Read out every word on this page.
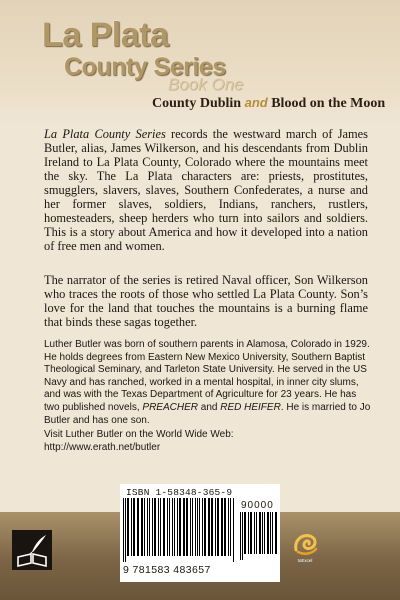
La Plata
County Series
Book One
County Dublin and Blood on the Moon
La Plata County Series records the westward march of James Butler, alias, James Wilkerson, and his descendants from Dublin Ireland to La Plata County, Colorado where the mountains meet the sky. The La Plata characters are: priests, prostitutes, smugglers, slavers, slaves, Southern Confederates, a nurse and her former slaves, soldiers, Indians, ranchers, rustlers, homesteaders, sheep herders who turn into sailors and soldiers. This is a story about America and how it developed into a nation of free men and women.
The narrator of the series is retired Naval officer, Son Wilkerson who traces the roots of those who settled La Plata County. Son’s love for the land that touches the mountains is a burning flame that binds these sagas together.
Luther Butler was born of southern parents in Alamosa, Colorado in 1929. He holds degrees from Eastern New Mexico University, Southern Baptist Theological Seminary, and Tarleton State University. He served in the US Navy and has ranched, worked in a mental hospital, in inner city slums, and was with the Texas Department of Agriculture for 23 years. He has two published novels, PREACHER and RED HEIFER. He is married to Jo Butler and has one son.
Visit Luther Butler on the World Wide Web:
http://www.erath.net/butler
ISBN 1-58348-365-9
9 781583 483657
90000
toExcel
